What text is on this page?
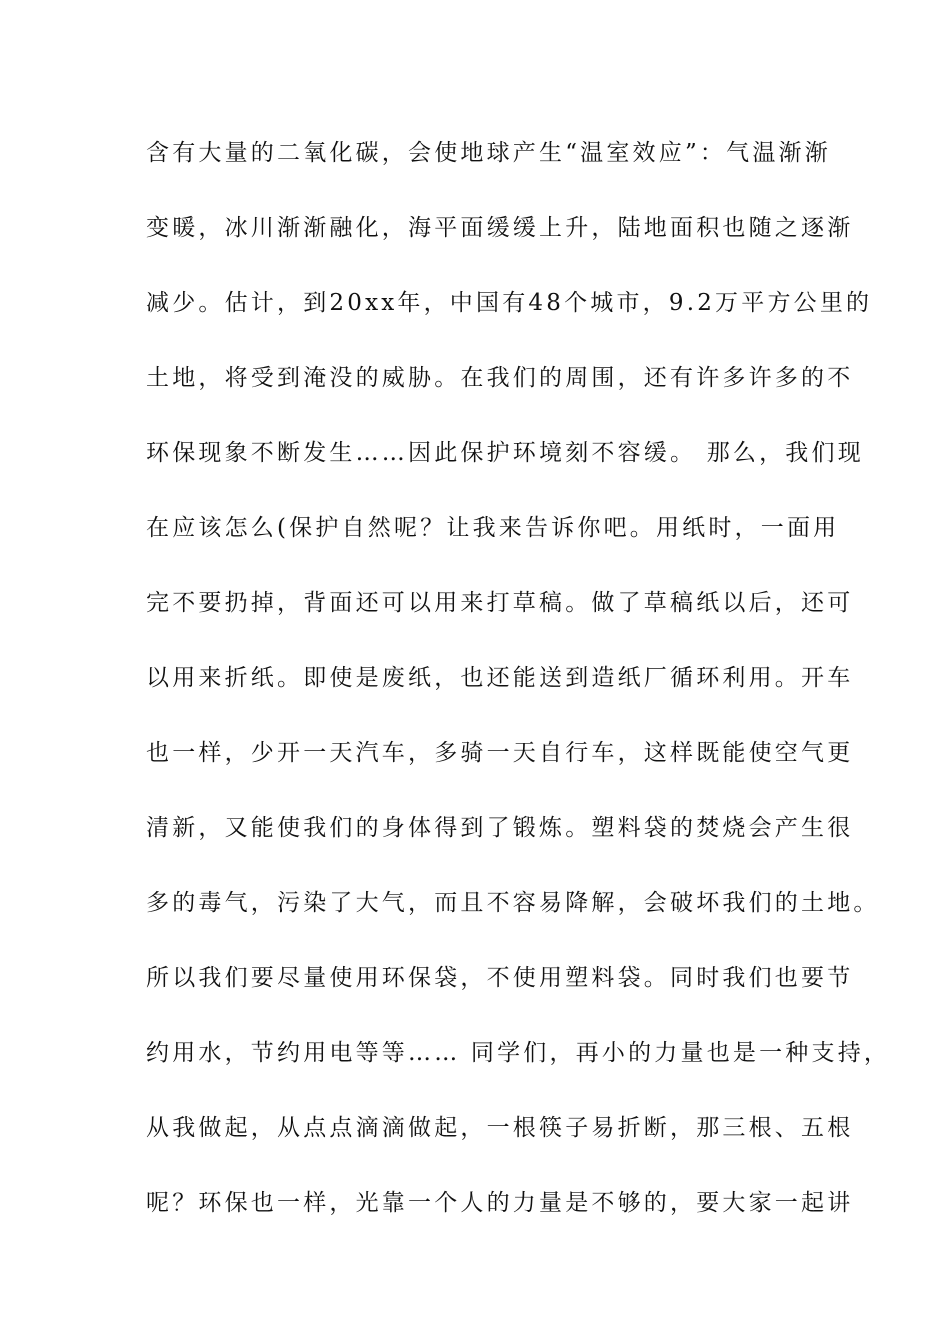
含有大量的二氧化碳，会使地球产生“温室效应”：气温渐渐
变暖，冰川渐渐融化，海平面缓缓上升，陆地面积也随之逐渐
减少。估计，到20xx年，中国有48个城市，9.2万平方公里的
土地，将受到淹没的威胁。在我们的周围，还有许多许多的不
环保现象不断发生……因此保护环境刻不容缓。 那么，我们现
在应该怎么(保护自然呢？让我来告诉你吧。用纸时，一面用
完不要扔掉，背面还可以用来打草稿。做了草稿纸以后，还可
以用来折纸。即使是废纸，也还能送到造纸厂循环利用。开车
也一样，少开一天汽车，多骑一天自行车，这样既能使空气更
清新，又能使我们的身体得到了锻炼。塑料袋的焚烧会产生很
多的毒气，污染了大气，而且不容易降解，会破坏我们的土地。
所以我们要尽量使用环保袋，不使用塑料袋。同时我们也要节
约用水，节约用电等等…… 同学们，再小的力量也是一种支持，
从我做起，从点点滴滴做起，一根筷子易折断，那三根、五根
呢？环保也一样，光靠一个人的力量是不够的，要大家一起讲
